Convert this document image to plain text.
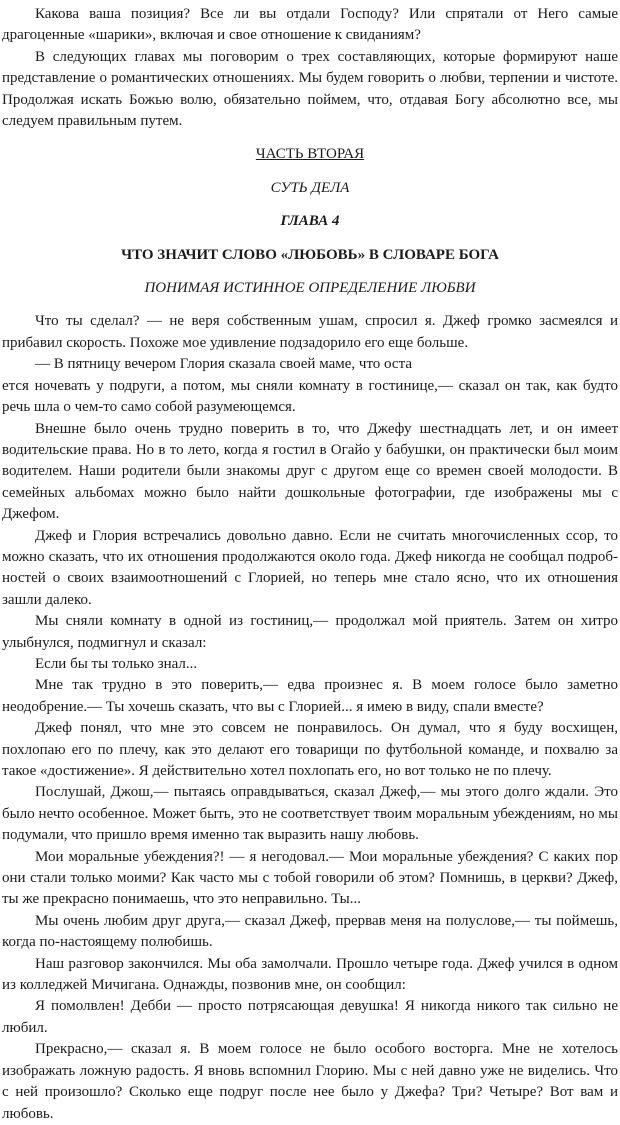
Какова ваша позиция? Все ли вы отдали Господу? Или спрятали от Него самые драгоценные «шарики», включая и свое отношение к свиданиям?

В следующих главах мы поговорим о трех составляющих, которые формируют наше представление о романтических отношениях. Мы будем говорить о любви, терпении и чистоте. Продолжая искать Божью волю, обязательно поймем, что, отдавая Богу абсолютно все, мы следуем правильным путем.

ЧАСТЬ ВТОРАЯ
СУТЬ ДЕЛА
ГЛАВА 4
ЧТО ЗНАЧИТ СЛОВО «ЛЮБОВЬ» В СЛОВАРЕ БОГА
ПОНИМАЯ ИСТИННОЕ ОПРЕДЕЛЕНИЕ ЛЮБВИ

Что ты сделал? — не веря собственным ушам, спросил я. Джеф громко засмеялся и прибавил скорость. Похоже мое удивление подзадорило его еще больше.

— В пятницу вечером Глория сказала своей маме, что оста

ется ночевать у подруги, а потом, мы сняли комнату в гостинице,— сказал он так, как будто речь шла о чем-то само собой разумеющемся.

Внешне было очень трудно поверить в то, что Джефу шестнадцать лет, и он имеет водительские права. Но в то лето, когда я гостил в Огайо у бабушки, он практически был моим водителем. Наши родители были знакомы друг с другом еще со времен своей молодости. В семейных альбомах можно было найти дошкольные фотографии, где изображены мы с Джефом.

Джеф и Глория встречались довольно давно. Если не считать многочисленных ссор, то можно сказать, что их отношения продолжаются около года. Джеф никогда не сообщал подробностей о своих взаимоотношений с Глорией, но теперь мне стало ясно, что их отношения зашли далеко.

Мы сняли комнату в одной из гостиниц,— продолжал мой приятель. Затем он хитро улыбнулся, подмигнул и сказал:

Если бы ты только знал...

Мне так трудно в это поверить,— едва произнес я. В моем голосе было заметно неодобрение.— Ты хочешь сказать, что вы с Глорией... я имею в виду, спали вместе?

Джеф понял, что мне это совсем не понравилось. Он думал, что я буду восхищен, похлопаю его по плечу, как это делают его товарищи по футбольной команде, и похвалю за такое «достижение». Я действительно хотел похлопать его, но вот только не по плечу.

Послушай, Джош,— пытаясь оправдываться, сказал Джеф,— мы этого долго ждали. Это было нечто особенное. Может быть, это не соответствует твоим моральным убеждениям, но мы подумали, что пришло время именно так выразить нашу любовь.

Мои моральные убеждения?! — я негодовал.— Мои моральные убеждения? С каких пор они стали только моими? Как часто мы с тобой говорили об этом? Помнишь, в церкви? Джеф, ты же прекрасно понимаешь, что это неправильно. Ты...

Мы очень любим друг друга,— сказал Джеф, прервав меня на полуслове,— ты поймешь, когда по-настоящему полюбишь.

Наш разговор закончился. Мы оба замолчали. Прошло четыре года. Джеф учился в одном из колледжей Мичигана. Однажды, позвонив мне, он сообщил:

Я помолвлен! Дебби — просто потрясающая девушка! Я никогда никого так сильно не любил.

Прекрасно,— сказал я. В моем голосе не было особого восторга. Мне не хотелось изображать ложную радость. Я вновь вспомнил Глорию. Мы с ней давно уже не виделись. Что с ней произошло? Сколько еще подруг после нее было у Джефа? Три? Четыре? Вот вам и любовь.
